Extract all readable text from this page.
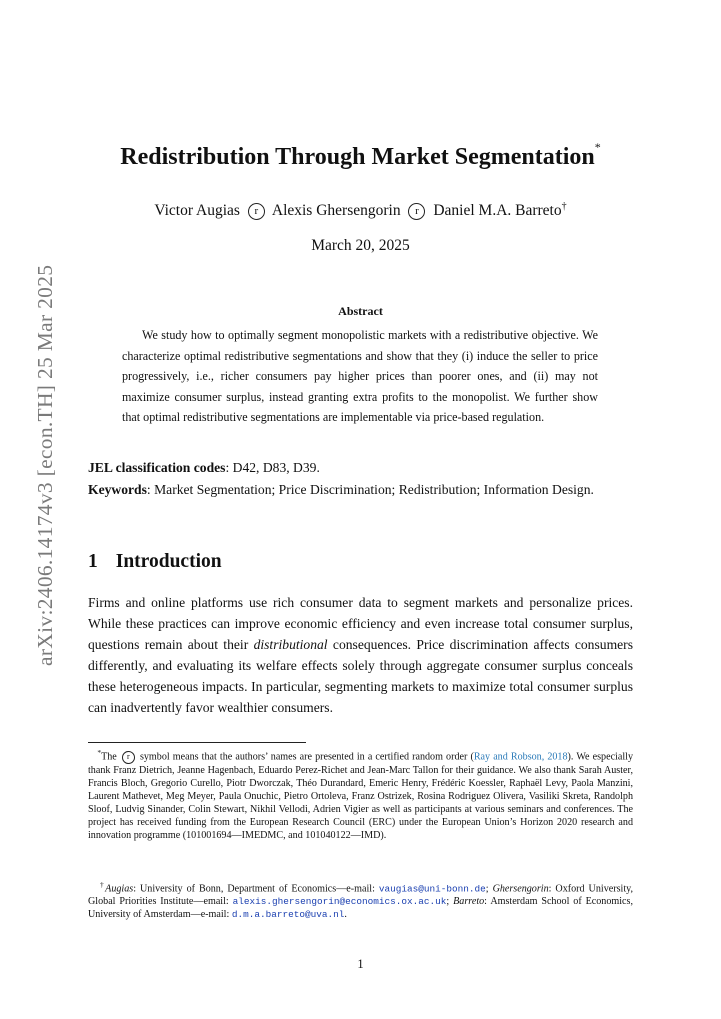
arXiv:2406.14174v3 [econ.TH] 25 Mar 2025
Redistribution Through Market Segmentation*
Victor Augias r Alexis Ghersengorin r Daniel M.A. Barreto†
March 20, 2025
Abstract
We study how to optimally segment monopolistic markets with a redistributive objective. We characterize optimal redistributive segmentations and show that they (i) induce the seller to price progressively, i.e., richer consumers pay higher prices than poorer ones, and (ii) may not maximize consumer surplus, instead granting extra profits to the monopolist. We further show that optimal redistributive segmentations are implementable via price-based regulation.
JEL classification codes: D42, D83, D39.
Keywords: Market Segmentation; Price Discrimination; Redistribution; Information Design.
1 Introduction
Firms and online platforms use rich consumer data to segment markets and personalize prices. While these practices can improve economic efficiency and even increase total consumer surplus, questions remain about their distributional consequences. Price discrimination affects consumers differently, and evaluating its welfare effects solely through aggregate consumer surplus conceals these heterogeneous impacts. In particular, segmenting markets to maximize total consumer surplus can inadvertently favor wealthier consumers.
*The r symbol means that the authors’ names are presented in a certified random order (Ray and Robson, 2018). We especially thank Franz Dietrich, Jeanne Hagenbach, Eduardo Perez-Richet and Jean-Marc Tallon for their guidance. We also thank Sarah Auster, Francis Bloch, Gregorio Curello, Piotr Dworczak, Théo Durandard, Emeric Henry, Frédéric Koessler, Raphaël Levy, Paola Manzini, Laurent Mathevet, Meg Meyer, Paula Onuchic, Pietro Ortoleva, Franz Ostrizek, Rosina Rodriguez Olivera, Vasiliki Skreta, Randolph Sloof, Ludvig Sinander, Colin Stewart, Nikhil Vellodi, Adrien Vigier as well as participants at various seminars and conferences. The project has received funding from the European Research Council (ERC) under the European Union’s Horizon 2020 research and innovation programme (101001694—IMEDMC, and 101040122—IMD).
†Augias: University of Bonn, Department of Economics—e-mail: vaugias@uni-bonn.de; Ghersengorin: Oxford University, Global Priorities Institute—email: alexis.ghersengorin@economics.ox.ac.uk; Barreto: Amsterdam School of Economics, University of Amsterdam—e-mail: d.m.a.barreto@uva.nl.
1
